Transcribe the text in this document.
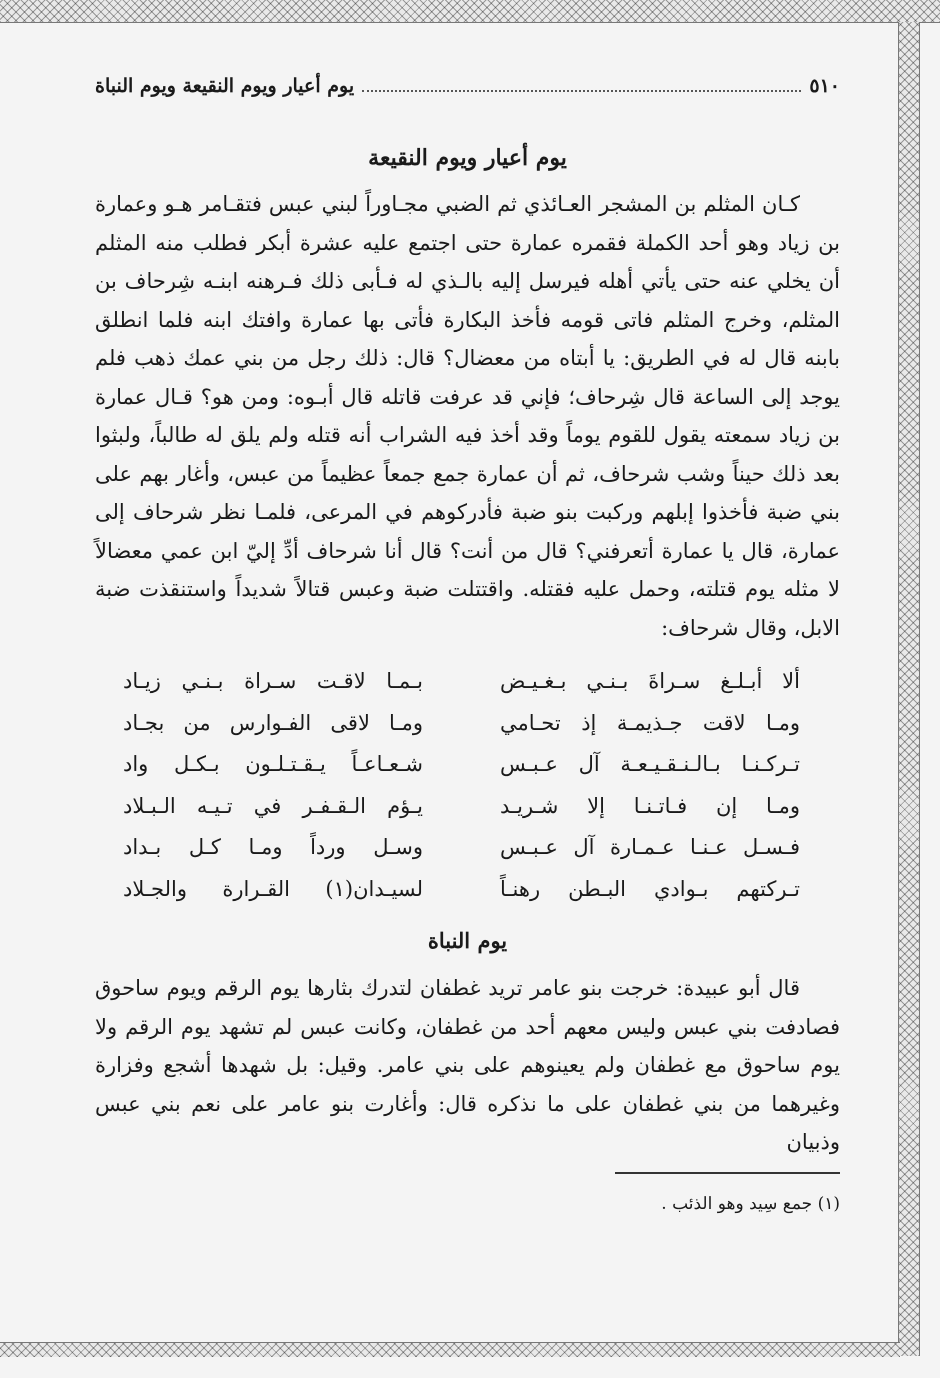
٥١٠
يوم أعيار ويوم النقيعة ويوم النباة
يوم أعيار ويوم النقيعة
كـان المثلم بن المشجر العـائذي ثم الضبي مجـاوراً لبني عبس فتقـامر هـو وعمارة بن زياد وهو أحد الكملة فقمره عمارة حتى اجتمع عليه عشرة أبكر فطلب منه المثلم أن يخلي عنه حتى يأتي أهله فيرسل إليه بالـذي له فـأبى ذلك فـرهنه ابنـه شِرحاف بن المثلم، وخرج المثلم فاتى قومه فأخذ البكارة فأتى بها عمارة وافتك ابنه فلما انطلق بابنه قال له في الطريق: يا أبتاه من معضال؟ قال: ذلك رجل من بني عمك ذهب فلم يوجد إلى الساعة قال شِرحاف؛ فإني قد عرفت قاتله قال أبـوه: ومن هو؟ قـال عمارة بن زياد سمعته يقول للقوم يوماً وقد أخذ فيه الشراب أنه قتله ولم يلق له طالباً، ولبثوا بعد ذلك حيناً وشب شرحاف، ثم أن عمارة جمع جمعاً عظيماً من عبس، وأغار بهم على بني ضبة فأخذوا إبلهم وركبت بنو ضبة فأدركوهم في المرعى، فلمـا نظر شرحاف إلى عمارة، قال يا عمارة أتعرفني؟ قال من أنت؟ قال أنا شرحاف أدِّ إليّ ابن عمي معضالاً لا مثله يوم قتلته، وحمل عليه فقتله. واقتتلت ضبة وعبس قتالاً شديداً واستنقذت ضبة الابل، وقال شرحاف:
ألا أبـلـغ سـراةَ بـنـي بـغـيـض
بـمـا لاقـت سـراة بـنـي زيـاد
ومـا لاقت جـذيمـة إذ تحـامي
ومـا لاقى الفـوارس من بجـاد
تـركـنـا بـالـنـقـيـعـة آل عـبـس
شـعـاعـاً يـقـتـلـون بـكـل واد
ومـا إن فـاتـنـا إلا شـريـد
يـؤم الـقـفـر في تـيـه الـبـلاد
فـسـل عـنـا عـمـارة آل عـبـس
وسـل ورداً ومـا كـل بـداد
تـركتهم بـوادي البـطن رهنـاً
لسيـدان(١) القـرارة والجـلاد
يوم النباة
قال أبو عبيدة: خرجت بنو عامر تريد غطفان لتدرك بثارها يوم الرقم ويوم ساحوق فصادفت بني عبس وليس معهم أحد من غطفان، وكانت عبس لم تشهد يوم الرقم ولا يوم ساحوق مع غطفان ولم يعينوهم على بني عامر. وقيل: بل شهدها أشجع وفزارة وغيرهما من بني غطفان على ما نذكره قال: وأغارت بنو عامر على نعم بني عبس وذبيان
(١) جمع سِيد وهو الذئب .
